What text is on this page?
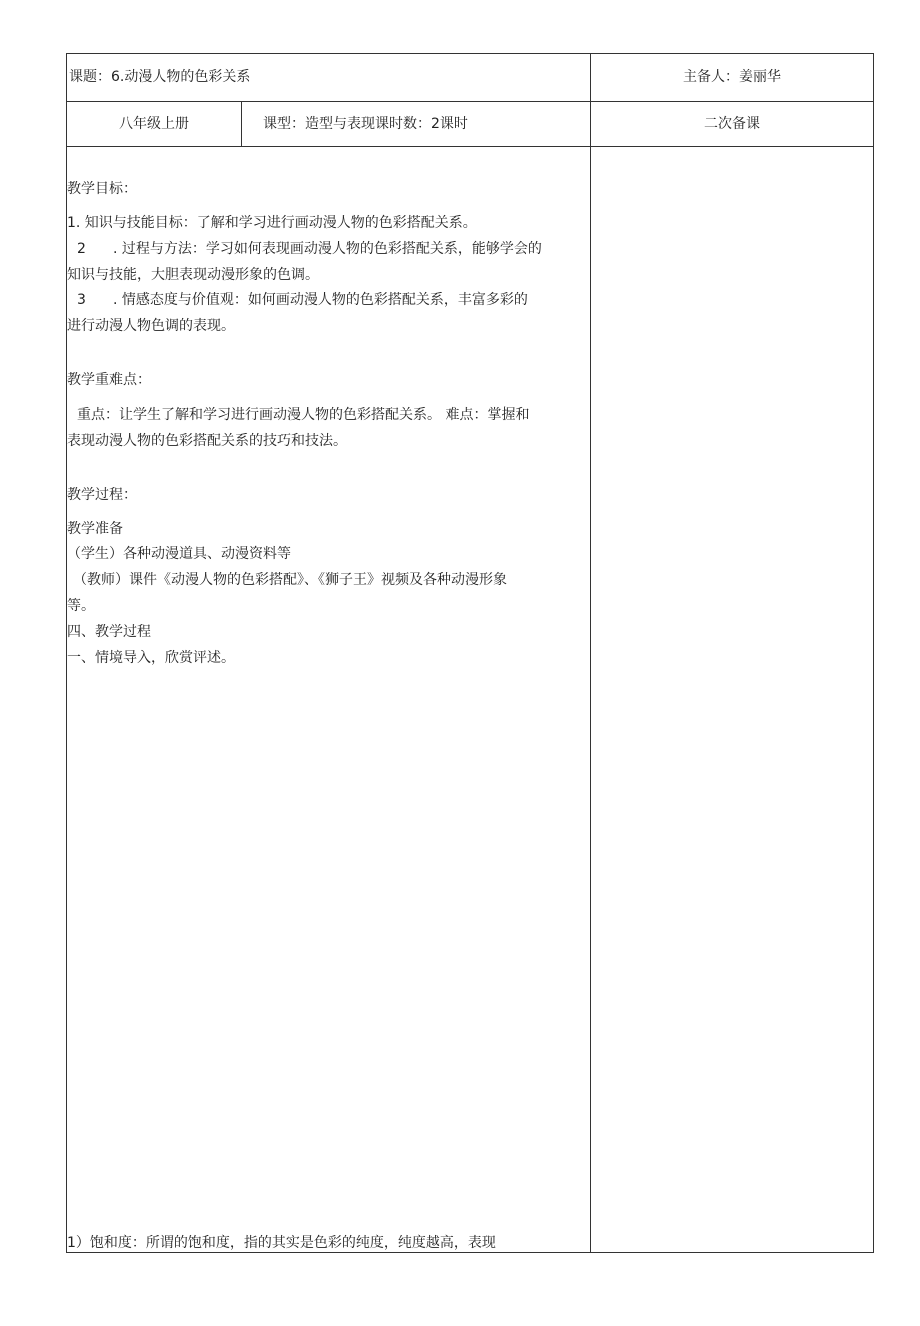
课题：6.动漫人物的色彩关系	主备人：姜丽华
八年级上册	课型：造型与表现课时数：2课时	二次备课
教学目标：
1. 知识与技能目标：了解和学习进行画动漫人物的色彩搭配关系。
2 . 过程与方法：学习如何表现画动漫人物的色彩搭配关系，能够学会的
知识与技能，大胆表现动漫形象的色调。
3 . 情感态度与价值观：如何画动漫人物的色彩搭配关系，丰富多彩的
进行动漫人物色调的表现。
教学重难点：
重点：让学生了解和学习进行画动漫人物的色彩搭配关系。 难点：掌握和
表现动漫人物的色彩搭配关系的技巧和技法。
教学过程：
教学准备
（学生）各种动漫道具、动漫资料等
（教师）课件《动漫人物的色彩搭配》、《狮子王》视频及各种动漫形象
等。
四、教学过程
一、情境导入，欣赏评述。
1）饱和度：所谓的饱和度，指的其实是色彩的纯度，纯度越高，表现
